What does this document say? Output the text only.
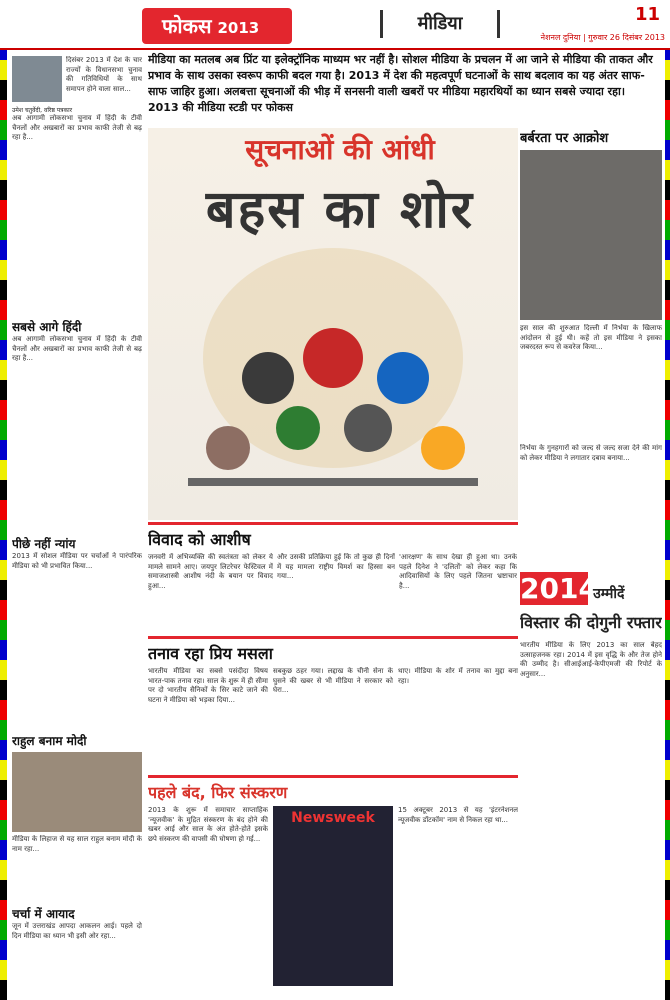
फोकस 2013	मीडिया	11
नेशनल दुनिया | गुरुवार 26 दिसंबर 2013
दिसंबर 2013 में देश के चार राज्यों के विधानसभा चुनाव की गतिविधियों के साथ समापन होने वाला साल...
उमेश चतुर्वेदी, वरिष्ठ पत्रकार
अब आगामी लोकसभा चुनाव में हिंदी के टीवी चैनलों और अखबारों का प्रभाव काफी तेजी से बढ़ रहा है...
सबसे आगे हिंदी
अब आगामी लोकसभा चुनाव में हिंदी के टीवी चैनलों और अखबारों का प्रभाव काफी तेजी से बढ़ रहा है...
पीछे नहीं न्यांय
2013 में सोशल मीडिया पर चर्चाओं ने पारंपरिक मीडिया को भी प्रभावित किया...
राहुल बनाम मोदी
मीडिया के लिहाज से यह साल राहुल बनाम मोदी के नाम रहा...
चर्चा में आयाद
जून में उत्तराखंड आपदा आकलन आई। पहले दो दिन मीडिया का ध्यान भी इसी ओर रहा...
मीडिया का मतलब अब प्रिंट या इलेक्ट्रॉनिक माध्यम भर नहीं है। सोशल मीडिया के प्रचलन में आ जाने से मीडिया की ताकत और प्रभाव के साथ उसका स्वरूप काफी बदल गया है। 2013 में देश की महत्वपूर्ण घटनाओं के साथ बदलाव का यह अंतर साफ-साफ जाहिर हुआ। अलबत्ता सूचनाओं की भीड़ में सनसनी वाली खबरों पर मीडिया महारथियों का ध्यान सबसे ज्यादा रहा। 2013 की मीडिया स्टडी पर फोकस
सूचनाओं की आंधी
बहस का शोर
बर्बरता पर आक्रोश
इस साल की शुरुआत दिल्ली में निर्भया के खिलाफ आंदोलन से हुई थी। कहें तो इस मीडिया ने इसका जबरदस्त रूप से कवरेज किया...
निर्भया के गुनहगारों को जल्द से जल्द सजा देने की मांग को लेकर मीडिया ने लगातार दबाव बनाया...
2014 उम्मीदें
विस्तार की दोगुनी रफ्तार
भारतीय मीडिया के लिए 2013 का साल बेहद उत्साहजनक रहा। 2014 में इस वृद्धि के और तेज होने की उम्मीद है। सीआईआई-केपीएमजी की रिपोर्ट के अनुसार...
विवाद को आशीष
जनवरी में अभिव्यक्ति की स्वतंत्रता को लेकर ये मामले सामने आए। जयपुर लिटरेचर फेस्टिवल में समाजशास्त्री आशीष नंदी के बयान पर विवाद हुआ...
और उसकी प्रतिक्रिया हुई कि तो कुछ ही दिनों में यह मामला राष्ट्रीय विमर्श का हिस्सा बन गया...
'आरक्षण' के साथ देखा ही हुआ था। उनके पहले दिनेश ने 'दलितों' को लेकर कहा कि आदिवासियों के लिए पहले जितना भ्रष्टाचार है...
तनाव रहा प्रिय मसला
भारतीय मीडिया का सबसे पसंदीदा विषय भारत-पाक तनाव रहा। साल के शुरू में ही सीमा पर दो भारतीय सैनिकों के सिर काटे जाने की घटना ने मीडिया को भड़का दिया...
सबकुछ ठहर गया। लद्दाख के चीनी सेना के घुसने की खबर से भी मीडिया ने सरकार को घेरा...
थाए। मीडिया के शोर में तनाव का मुद्दा बना रहा।
पहले बंद, फिर संस्करण
2013 के शुरू में समाचार साप्ताहिक 'न्यूजवीक' के मुद्रित संस्करण के बंद होने की खबर आई और साल के अंत होते-होते इसके छपे संस्करण की वापसी की घोषणा हो गई...
Newsweek	15 अक्टूबर 2013 से यह 'इंटरनेशनल न्यूजवीक डॉटकॉम' नाम से निकल रहा था...
